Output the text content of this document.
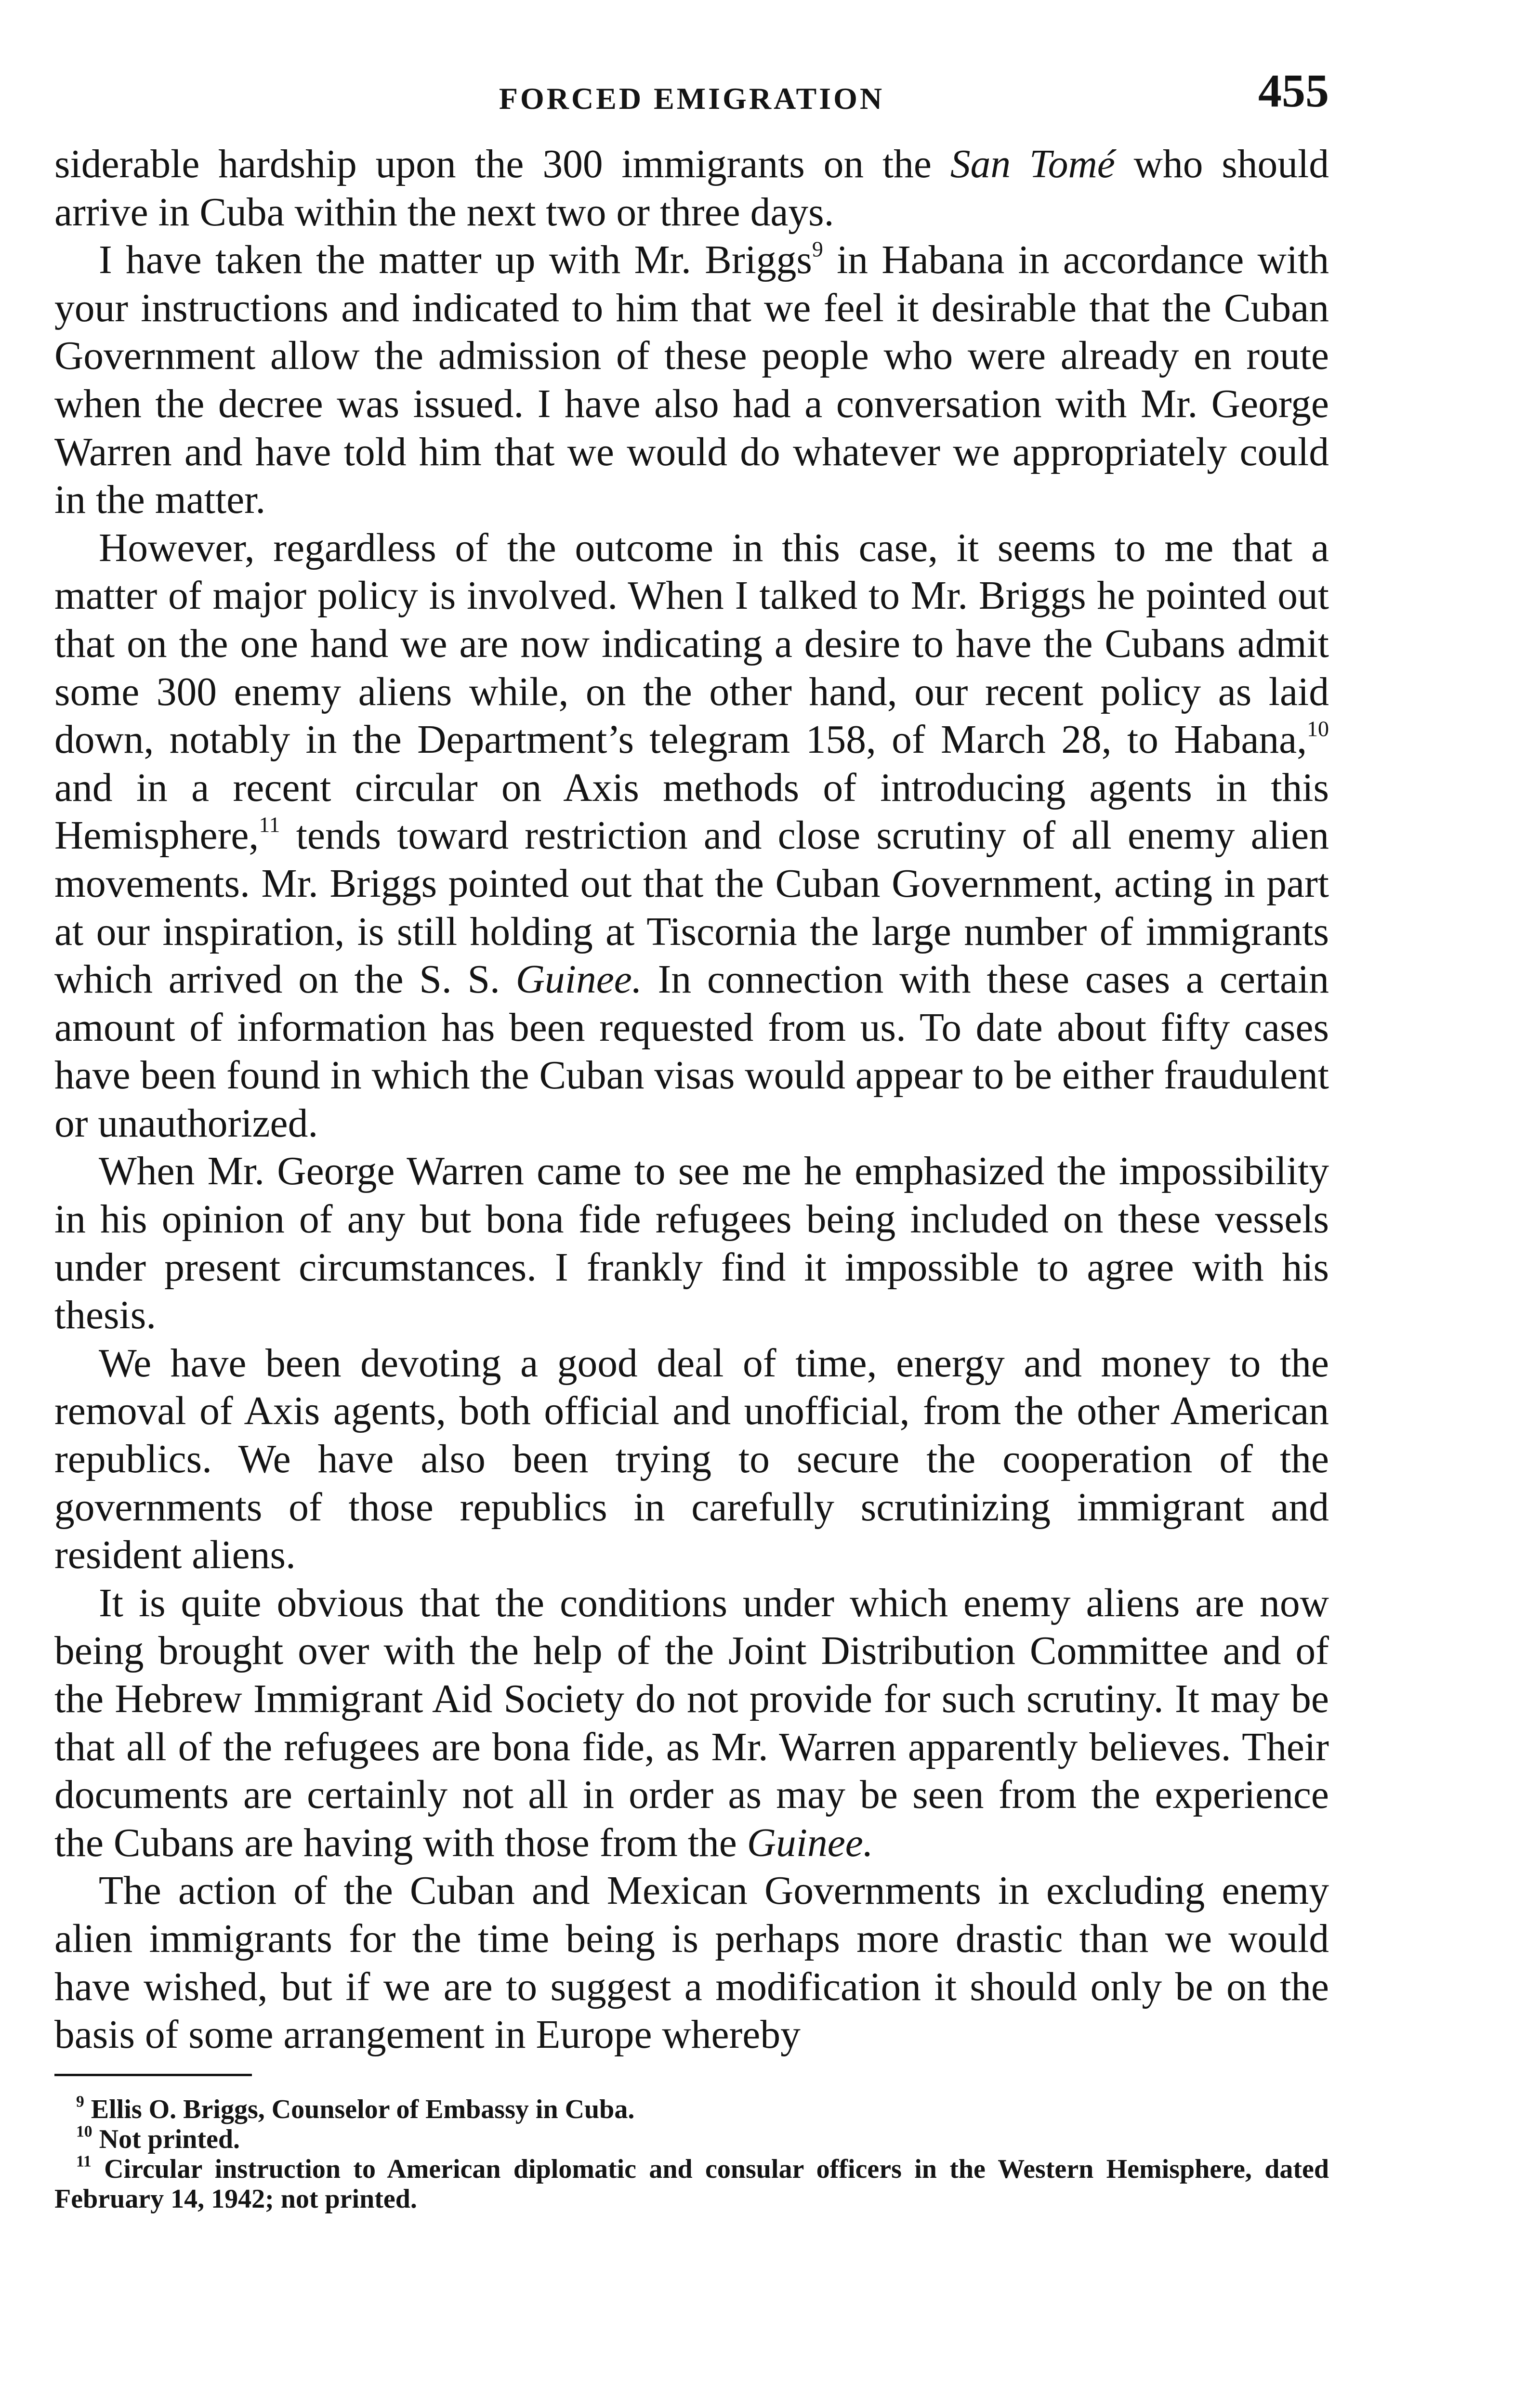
FORCED EMIGRATION	455

siderable hardship upon the 300 immigrants on the San Tomé who should arrive in Cuba within the next two or three days.

I have taken the matter up with Mr. Briggs$^9$ in Habana in accordance with your instructions and indicated to him that we feel it desirable that the Cuban Government allow the admission of these people who were already en route when the decree was issued. I have also had a conversation with Mr. George Warren and have told him that we would do whatever we appropriately could in the matter.

However, regardless of the outcome in this case, it seems to me that a matter of major policy is involved. When I talked to Mr. Briggs he pointed out that on the one hand we are now indicating a desire to have the Cubans admit some 300 enemy aliens while, on the other hand, our recent policy as laid down, notably in the Department’s telegram 158, of March 28, to Habana,$^{10}$ and in a recent circular on Axis methods of introducing agents in this Hemisphere,$^{11}$ tends toward restriction and close scrutiny of all enemy alien movements. Mr. Briggs pointed out that the Cuban Government, acting in part at our inspiration, is still holding at Tiscornia the large number of immigrants which arrived on the S. S. Guinee. In connection with these cases a certain amount of information has been requested from us. To date about fifty cases have been found in which the Cuban visas would appear to be either fraudulent or unauthorized.

When Mr. George Warren came to see me he emphasized the impossibility in his opinion of any but bona fide refugees being included on these vessels under present circumstances. I frankly find it impossible to agree with his thesis.

We have been devoting a good deal of time, energy and money to the removal of Axis agents, both official and unofficial, from the other American republics. We have also been trying to secure the cooperation of the governments of those republics in carefully scrutinizing immigrant and resident aliens.

It is quite obvious that the conditions under which enemy aliens are now being brought over with the help of the Joint Distribution Committee and of the Hebrew Immigrant Aid Society do not provide for such scrutiny. It may be that all of the refugees are bona fide, as Mr. Warren apparently believes. Their documents are certainly not all in order as may be seen from the experience the Cubans are having with those from the Guinee.

The action of the Cuban and Mexican Governments in excluding enemy alien immigrants for the time being is perhaps more drastic than we would have wished, but if we are to suggest a modification it should only be on the basis of some arrangement in Europe whereby

$^9$ Ellis O. Briggs, Counselor of Embassy in Cuba.

$^{10}$ Not printed.

$^{11}$ Circular instruction to American diplomatic and consular officers in the Western Hemisphere, dated February 14, 1942; not printed.
